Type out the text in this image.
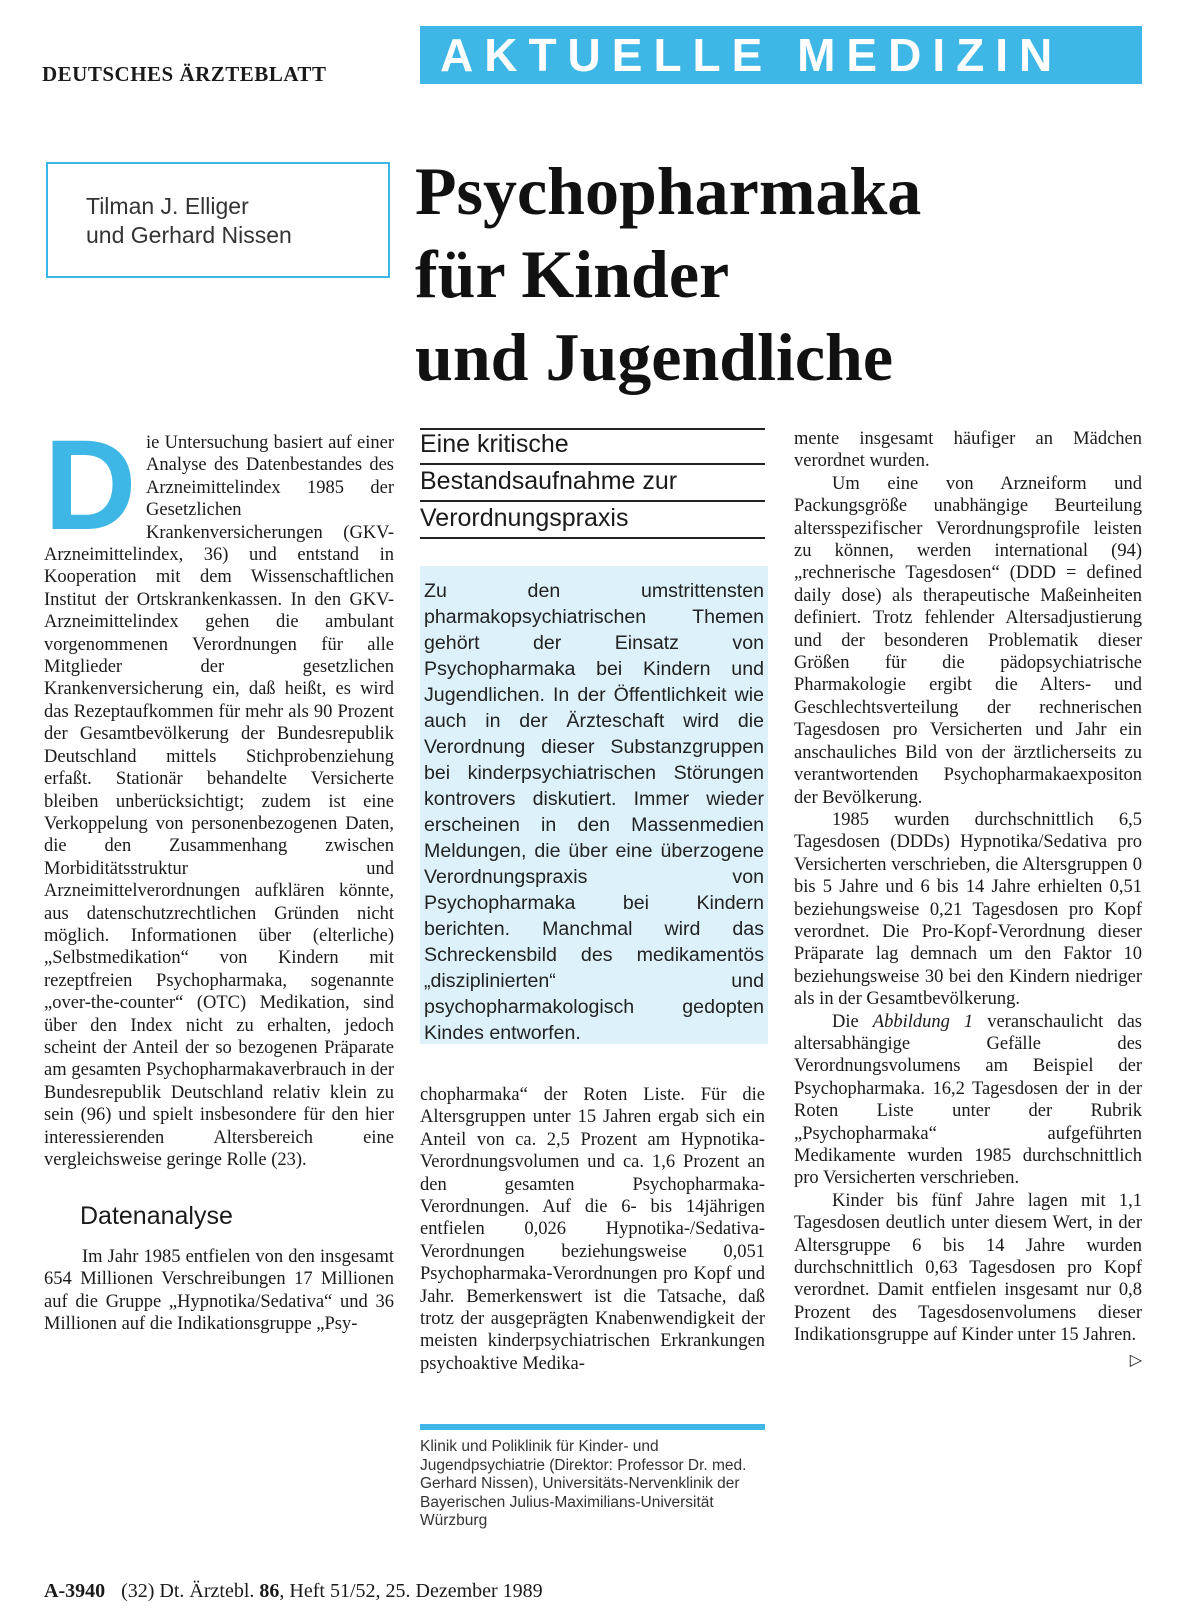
DEUTSCHES ÄRZTEBLATT	AKTUELLE MEDIZIN
Tilman J. Elliger
und Gerhard Nissen
Psychopharmaka
für Kinder
und Jugendliche

Die Untersuchung basiert auf einer Analyse des Datenbestandes des Arzneimittelindex 1985 der Gesetzlichen Krankenversicherungen (GKV-Arzneimittelindex, 36) und entstand in Kooperation mit dem Wissenschaftlichen Institut der Ortskrankenkassen. In den GKV-Arzneimittelindex gehen die ambulant vorgenommenen Verordnungen für alle Mitglieder der gesetzlichen Krankenversicherung ein, daß heißt, es wird das Rezeptaufkommen für mehr als 90 Prozent der Gesamtbevölkerung der Bundesrepublik Deutschland mittels Stichprobenziehung erfaßt. Stationär behandelte Versicherte bleiben unberücksichtigt; zudem ist eine Verkoppelung von personenbezogenen Daten, die den Zusammenhang zwischen Morbiditätsstruktur und Arzneimittelverordnungen aufklären könnte, aus datenschutzrechtlichen Gründen nicht möglich. Informationen über (elterliche) „Selbstmedikation“ von Kindern mit rezeptfreien Psychopharmaka, sogenannte „over-the-counter“ (OTC) Medikation, sind über den Index nicht zu erhalten, jedoch scheint der Anteil der so bezogenen Präparate am gesamten Psychopharmakaverbrauch in der Bundesrepublik Deutschland relativ klein zu sein (96) und spielt insbesondere für den hier interessierenden Altersbereich eine vergleichsweise geringe Rolle (23).

Datenanalyse

Im Jahr 1985 entfielen von den insgesamt 654 Millionen Verschreibungen 17 Millionen auf die Gruppe „Hypnotika/Sedativa“ und 36 Millionen auf die Indikationsgruppe „Psy-

Eine kritische
Bestandsaufnahme zur
Verordnungspraxis
Zu den umstrittensten pharmakopsychiatrischen Themen gehört der Einsatz von Psychopharmaka bei Kindern und Jugendlichen. In der Öffentlichkeit wie auch in der Ärzteschaft wird die Verordnung dieser Substanzgruppen bei kinderpsychiatrischen Störungen kontrovers diskutiert. Immer wieder erscheinen in den Massenmedien Meldungen, die über eine überzogene Verordnungspraxis von Psychopharmaka bei Kindern berichten. Manchmal wird das Schreckensbild des medikamentös „disziplinierten“ und psychopharmakologisch gedopten Kindes entworfen.

chopharmaka“ der Roten Liste. Für die Altersgruppen unter 15 Jahren ergab sich ein Anteil von ca. 2,5 Prozent am Hypnotika-Verordnungsvolumen und ca. 1,6 Prozent an den gesamten Psychopharmaka-Verordnungen. Auf die 6- bis 14jährigen entfielen 0,026 Hypnotika-/Sedativa-Verordnungen beziehungsweise 0,051 Psychopharmaka-Verordnungen pro Kopf und Jahr. Bemerkenswert ist die Tatsache, daß trotz der ausgeprägten Knabenwendigkeit der meisten kinderpsychiatrischen Erkrankungen psychoaktive Medika-

Klinik und Poliklinik für Kinder- und Jugendpsychiatrie (Direktor: Professor Dr. med. Gerhard Nissen), Universitäts-Nervenklinik der Bayerischen Julius-Maximilians-Universität Würzburg

mente insgesamt häufiger an Mädchen verordnet wurden.

Um eine von Arzneiform und Packungsgröße unabhängige Beurteilung altersspezifischer Verordnungsprofile leisten zu können, werden international (94) „rechnerische Tagesdosen“ (DDD = defined daily dose) als therapeutische Maßeinheiten definiert. Trotz fehlender Altersadjustierung und der besonderen Problematik dieser Größen für die pädopsychiatrische Pharmakologie ergibt die Alters- und Geschlechtsverteilung der rechnerischen Tagesdosen pro Versicherten und Jahr ein anschauliches Bild von der ärztlicherseits zu verantwortenden Psychopharmakaexpositon der Bevölkerung.

1985 wurden durchschnittlich 6,5 Tagesdosen (DDDs) Hypnotika/Sedativa pro Versicherten verschrieben, die Altersgruppen 0 bis 5 Jahre und 6 bis 14 Jahre erhielten 0,51 beziehungsweise 0,21 Tagesdosen pro Kopf verordnet. Die Pro-Kopf-Verordnung dieser Präparate lag demnach um den Faktor 10 beziehungsweise 30 bei den Kindern niedriger als in der Gesamtbevölkerung.

Die Abbildung 1 veranschaulicht das altersabhängige Gefälle des Verordnungsvolumens am Beispiel der Psychopharmaka. 16,2 Tagesdosen der in der Roten Liste unter der Rubrik „Psychopharmaka“ aufgeführten Medikamente wurden 1985 durchschnittlich pro Versicherten verschrieben.

Kinder bis fünf Jahre lagen mit 1,1 Tagesdosen deutlich unter diesem Wert, in der Altersgruppe 6 bis 14 Jahre wurden durchschnittlich 0,63 Tagesdosen pro Kopf verordnet. Damit entfielen insgesamt nur 0,8 Prozent des Tagesdosenvolumens dieser Indikationsgruppe auf Kinder unter 15 Jahren.
▷

A-3940 (32) Dt. Ärztebl. 86, Heft 51/52, 25. Dezember 1989
